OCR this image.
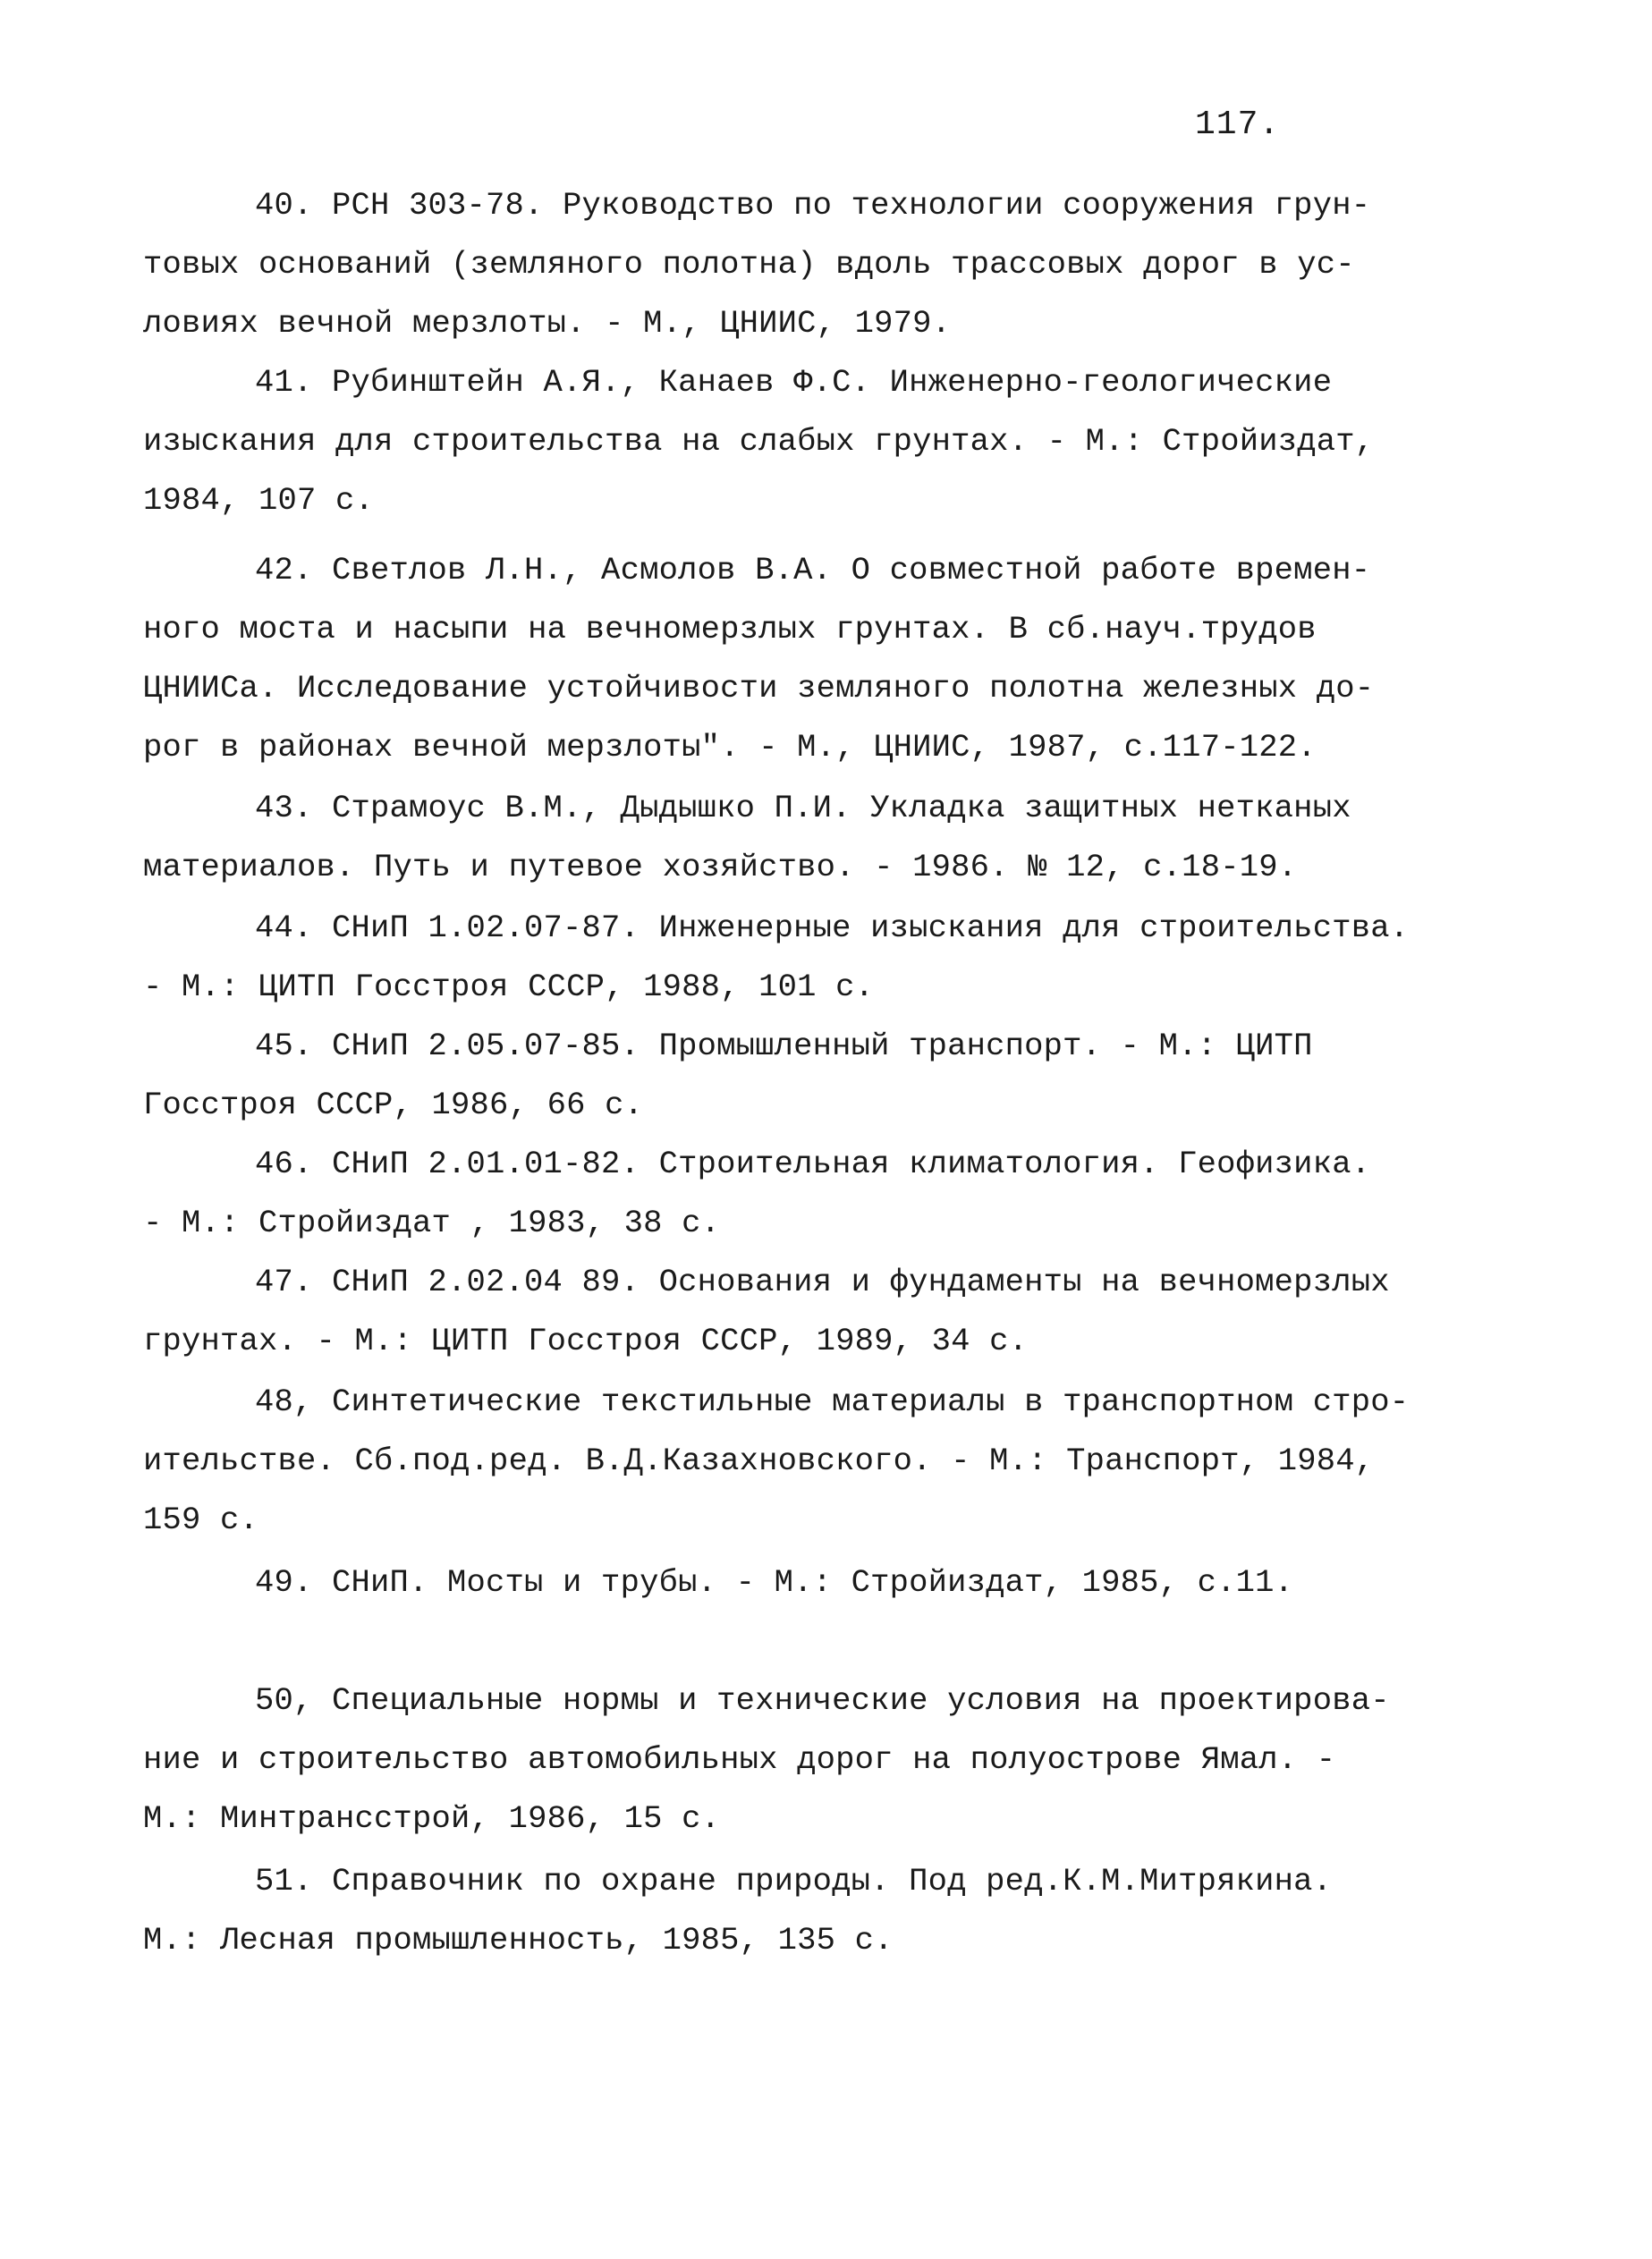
117.
40. РСН 303-78. Руководство по технологии сооружения грун-
товых оснований (земляного полотна) вдоль трассовых дорог в ус-
ловиях вечной мерзлоты. - М., ЦНИИС, 1979.
41. Рубинштейн А.Я., Канаев Ф.С. Инженерно-геологические
изыскания для строительства на слабых грунтах. - М.: Стройиздат,
1984, 107 с.
42. Светлов Л.Н., Асмолов В.А. О совместной работе времен-
ного моста и насыпи на вечномерзлых грунтах. В сб.науч.трудов
ЦНИИСа. Исследование устойчивости земляного полотна железных до-
рог в районах вечной мерзлоты". - М., ЦНИИС, 1987, с.117-122.
43. Страмоус В.М., Дыдышко П.И. Укладка защитных нетканых
материалов. Путь и путевое хозяйство. - 1986. № 12, с.18-19.
44. СНиП 1.02.07-87. Инженерные изыскания для строительства.
- М.: ЦИТП Госстроя СССР, 1988, 101 с.
45. СНиП 2.05.07-85. Промышленный транспорт. - М.: ЦИТП
Госстроя СССР, 1986, 66 с.
46. СНиП 2.01.01-82. Строительная климатология. Геофизика.
- М.: Стройиздат , 1983, 38 с.
47. СНиП 2.02.04 89. Основания и фундаменты на вечномерзлых
грунтах. - М.: ЦИТП Госстроя СССР, 1989, 34 с.
48, Синтетические текстильные материалы в транспортном стро-
ительстве. Сб.под.ред. В.Д.Казахновского. - М.: Транспорт, 1984,
159 с.
49. СНиП. Мосты и трубы. - М.: Стройиздат, 1985, с.11.
50, Специальные нормы и технические условия на проектирова-
ние и строительство автомобильных дорог на полуострове Ямал. -
М.: Минтрансстрой, 1986, 15 с.
51. Справочник по охране природы. Под ред.К.М.Митрякина.
М.: Лесная промышленность, 1985, 135 с.
